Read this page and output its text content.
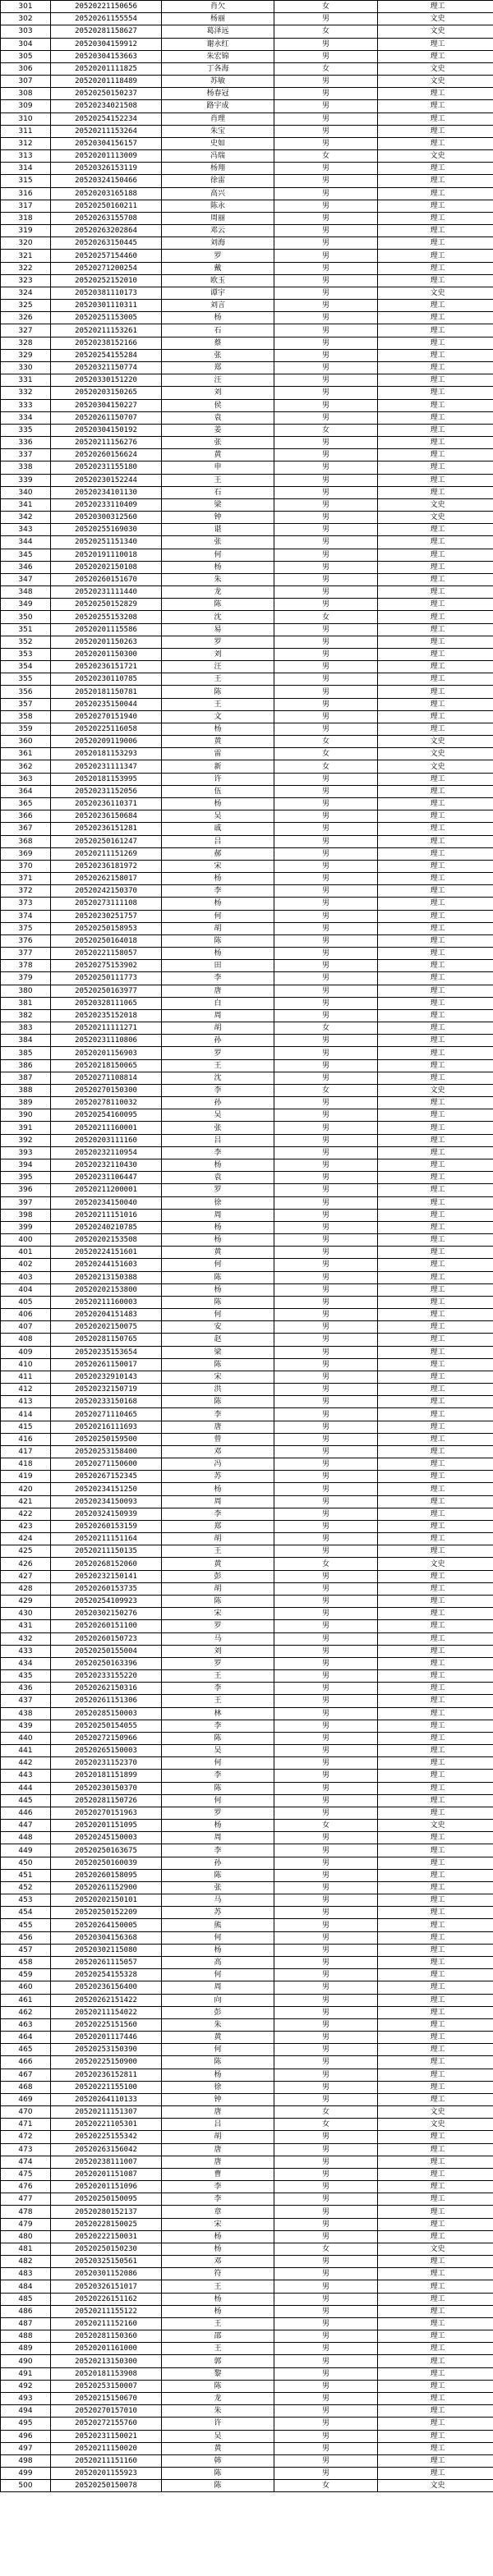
301	20520221150656	肖欠	女	理工
302	20520261155554	杨丽	男	文史
303	20520281158627	葛泽远	女	文史
304	20520304159912	谢永红	男	理工
305	20520304153663	朱宏锦	男	理工
306	20520201111825	丁各海	女	文史
307	20520201118489	苏敏	男	文史
308	20520250150237	杨春冠	男	理工
309	20520234021508	路宇成	男	理工
310	20520254152234	肖理	男	理工
311	20520211153264	朱宝	男	理工
312	20520304156157	史如	男	理工
313	20520201113009	冯瑞	女	文史
314	20520326153119	杨翔	男	理工
315	20520324150466	徐雷	男	理工
316	20520203165188	高兴	男	理工
317	20520250160211	陈永	男	理工
318	20520263155708	周丽	男	理工
319	20520263202864	邓云	男	理工
320	20520263150445	刘海	男	理工
321	20520257154460	罗	男	理工
322	20520271200254	戴	男	理工
323	20520252152010	欧玉	男	理工
324	20520381110173	谭宇	男	文史
325	20520301110311	刘言	男	理工
326	20520251153005	杨	男	理工
327	20520211153261	石	男	理工
328	20520238152166	蔡	男	理工
329	20520254155284	张	男	理工
330	20520321150774	郑	男	理工
331	20520330151220	汪	男	理工
332	20520203150265	刘	男	理工
333	20520304150227	侯	男	理工
334	20520261150707	袁	男	理工
335	20520304150192	姜	女	理工
336	20520211156276	张	男	理工
337	20520260156624	黄	男	理工
338	20520231155180	申	男	理工
339	20520230152244	王	男	理工
340	20520234101130	石	男	理工
341	20520233110409	梁	男	文史
342	20520300312560	钟	男	文史
343	20520255169030	谌	男	理工
344	20520251151340	张	男	理工
345	20520191110018	何	男	理工
346	20520202150108	杨	男	理工
347	20520260151670	朱	男	理工
348	20520231111440	龙	男	理工
349	20520250152829	陈	男	理工
350	20520255153208	沈	女	理工
351	20520201115586	易	男	理工
352	20520201150263	罗	男	理工
353	20520201150300	刘	男	理工
354	20520236151721	汪	男	理工
355	20520230110785	王	男	理工
356	20520181150781	陈	男	理工
357	20520235150044	王	男	理工
358	20520270151940	文	男	理工
359	20520225116058	杨	男	理工
360	20520209119006	黄	女	文史
361	20520181153293	雷	女	文史
362	20520231111347	新	女	文史
363	20520181153995	许	男	理工
364	20520231152056	伍	男	理工
365	20520236110371	杨	男	理工
366	20520236150684	吴	男	理工
367	20520236151281	戚	男	理工
368	20520250161247	吕	男	理工
369	20520211151269	郝	男	理工
370	20520236181972	宋	男	理工
371	20520262158017	杨	男	理工
372	20520242150370	李	男	理工
373	20520273111108	杨	男	理工
374	20520230251757	何	男	理工
375	20520250158953	胡	男	理工
376	20520250164018	陈	男	理工
377	20520221158057	杨	男	理工
378	20520275153902	田	男	理工
379	20520250111773	李	男	理工
380	20520250163977	唐	男	理工
381	20520328111065	白	男	理工
382	20520235152018	周	男	理工
383	20520211111271	胡	女	理工
384	20520231110806	孙	男	理工
385	20520201156903	罗	男	理工
386	20520218150065	王	男	理工
387	20520271108814	沈	男	理工
388	20520270150300	李	女	文史
389	20520278110032	孙	男	理工
390	20520254160095	吴	男	理工
391	20520211160001	张	男	理工
392	20520203111160	吕	男	理工
393	20520232110954	李	男	理工
394	20520232110430	杨	男	理工
395	20520231106447	袁	男	理工
396	20520211200001	罗	男	理工
397	20520234150040	徐	男	理工
398	20520211151016	周	男	理工
399	20520240210785	杨	男	理工
400	20520202153508	杨	男	理工
401	20520224151601	黄	男	理工
402	20520244151603	何	男	理工
403	20520213150388	陈	男	理工
404	20520202153800	杨	男	理工
405	20520211160003	陈	男	理工
406	20520204151483	何	男	理工
407	20520202150075	安	男	理工
408	20520281150765	赵	男	理工
409	20520235153654	梁	男	理工
410	20520261150017	陈	男	理工
411	20520232910143	宋	男	理工
412	20520232150719	洪	男	理工
413	20520233150168	陈	男	理工
414	20520271110465	李	男	理工
415	20520216111693	唐	男	理工
416	20520250159500	曾	男	理工
417	20520253158400	邓	男	理工
418	20520271150600	冯	男	理工
419	20520267152345	苏	男	理工
420	20520234151250	杨	男	理工
421	20520234150093	周	男	理工
422	20520324150939	李	男	理工
423	20520260153159	郑	男	理工
424	20520211151164	胡	男	理工
425	20520211150135	王	男	理工
426	20520268152060	黄	女	文史
427	20520232150141	彭	男	理工
428	20520260153735	胡	男	理工
429	20520254109923	陈	男	理工
430	20520302150276	宋	男	理工
431	20520260151100	罗	男	理工
432	20520260150723	马	男	理工
433	20520250155004	刘	男	理工
434	20520250163396	罗	男	理工
435	20520233155220	王	男	理工
436	20520262150316	李	男	理工
437	20520261151306	王	男	理工
438	20520285150003	林	男	理工
439	20520250154055	李	男	理工
440	20520272150966	陈	男	理工
441	20520265150003	吴	男	理工
442	20520231152370	何	男	理工
443	20520181151899	李	男	理工
444	20520230150370	陈	男	理工
445	20520281150726	何	男	理工
446	20520270151963	罗	男	理工
447	20520201151095	杨	女	文史
448	20520245150003	周	男	理工
449	20520250163675	李	男	理工
450	20520250160039	孙	男	理工
451	20520260158095	陈	男	理工
452	20520261152900	张	男	理工
453	20520202150101	马	男	理工
454	20520250152209	苏	男	理工
455	20520264150005	熊	男	理工
456	20520304156368	何	男	理工
457	20520302115080	杨	男	理工
458	20520261115057	高	男	理工
459	20520254155328	何	男	理工
460	20520236156400	周	男	理工
461	20520262151422	向	男	理工
462	20520211154022	彭	男	理工
463	20520225151560	朱	男	理工
464	20520201117446	黄	男	理工
465	20520253150390	何	男	理工
466	20520225150900	陈	男	理工
467	20520236152811	杨	男	理工
468	20520221155100	徐	男	理工
469	20520264110133	钟	男	理工
470	20520211151307	唐	女	文史
471	20520221105301	吕	女	文史
472	20520225155342	胡	男	理工
473	20520263156042	唐	男	理工
474	20520238111007	唐	男	理工
475	20520201151087	曹	男	理工
476	20520201151096	李	男	理工
477	20520250150095	李	男	理工
478	20520280152137	章	男	理工
479	20520228150025	宋	男	理工
480	20520222150031	杨	男	理工
481	20520250150230	杨	女	文史
482	20520325150561	邓	男	理工
483	20520301152086	符	男	理工
484	20520326151017	王	男	理工
485	20520226151162	杨	男	理工
486	20520211155122	杨	男	理工
487	20520211152160	王	男	理工
488	20520281150360	邵	男	理工
489	20520201161000	王	男	理工
490	20520213150300	郭	男	理工
491	20520181153908	黎	男	理工
492	20520253150007	陈	男	理工
493	20520215150670	龙	男	理工
494	20520270157010	朱	男	理工
495	20520272155760	许	男	理工
496	20520231150021	吴	男	理工
497	20520211150020	黄	男	理工
498	20520211151160	韩	男	理工
499	20520201155923	陈	男	理工
500	20520250150078	陈	女	文史
